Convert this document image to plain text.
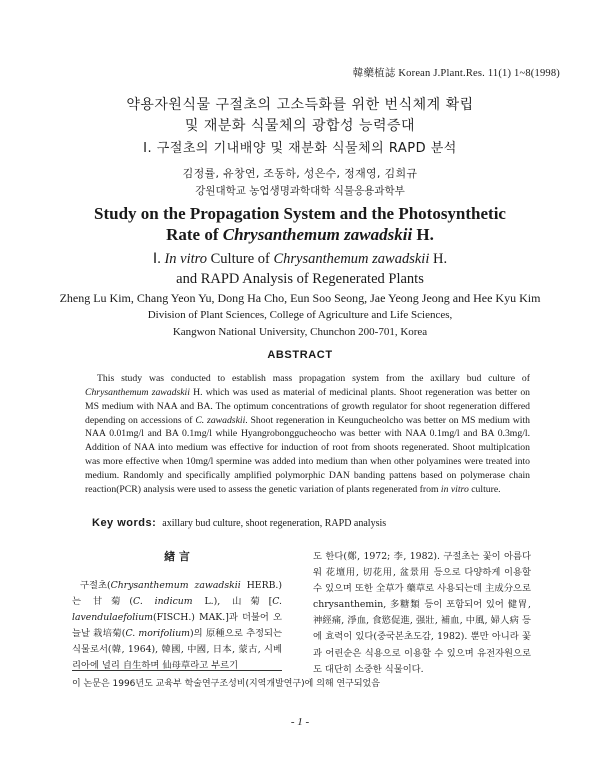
韓藥植誌 Korean J.Plant.Res. 11(1) 1~8(1998)
약용자원식물 구절초의 고소득화를 위한 번식체계 확립
및 재분화 식물체의 광합성 능력증대
Ⅰ. 구절초의 기내배양 및 재분화 식물체의 RAPD 분석
김정률, 유창연, 조동하, 성은수, 정재영, 김희규
강원대학교 농업생명과학대학 식물응용과학부
Study on the Propagation System and the Photosynthetic
Rate of Chrysanthemum zawadskii H.
Ⅰ. In vitro Culture of Chrysanthemum zawadskii H.
and RAPD Analysis of Regenerated Plants
Zheng Lu Kim, Chang Yeon Yu, Dong Ha Cho, Eun Soo Seong, Jae Yeong Jeong and Hee Kyu Kim
Division of Plant Sciences, College of Agriculture and Life Sciences,
Kangwon National University, Chunchon 200-701, Korea
ABSTRACT
This study was conducted to establish mass propagation system from the axillary bud culture of Chrysanthemum zawadskii H. which was used as material of medicinal plants. Shoot regeneration was better on MS medium with NAA and BA. The optimum concentrations of growth regulator for shoot regeneration differed depending on accessions of C. zawadskii. Shoot regeneration in Keungucheolcho was better on MS medium with NAA 0.01mg/l and BA 0.1mg/l while Hyangrobonggucheocho was better with NAA 0.1mg/l and BA 0.3mg/l. Addition of NAA into medium was effective for induction of root from shoots regenerated. Shoot multiplcation was more effective when 10mg/l spermine was added into medium than when other polyamines were treated into medium. Randomly and specifically amplified polymorphic DAN banding pattens based on polymerase chain reaction(PCR) analysis were used to assess the genetic variation of plants regenerated from in vitro culture.
Key words: axillary bud culture, shoot regeneration, RAPD analysis
緖 言
구절초(Chrysanthemum zawadskii HERB.)는 甘菊(C. indicum L.), 山菊[C. lavendulaefolium(FISCH.) MAK.]과 더불어 오늘날 栽培菊(C. morifolium)의 原種으로 추정되는 식물로서(韓, 1964), 韓國, 中國, 日本, 蒙古, 시베리아에 널리 自生하며 仙母草라고 부르기
도 한다(鄭, 1972; 李, 1982). 구절초는 꽃이 아름다워 花壇用, 切花用, 盆景用 등으로 다양하게 이용할 수 있으며 또한 全草가 藥草로 사용되는데 主成分으로 chrysanthemin, 多糖類 등이 포함되어 있어 健胃, 神經痛, 淨血, 食慾促進, 强壯, 補血, 中風, 婦人病 등에 효력이 있다(중국본초도감, 1982). 뿐만 아니라 꽃과 어린순은 식용으로 이용할 수 있으며 유전자원으로도 대단히 소중한 식물이다.
이 논문은 1996년도 교육부 학술연구조성비(지역개발연구)에 의해 연구되었음
- 1 -
